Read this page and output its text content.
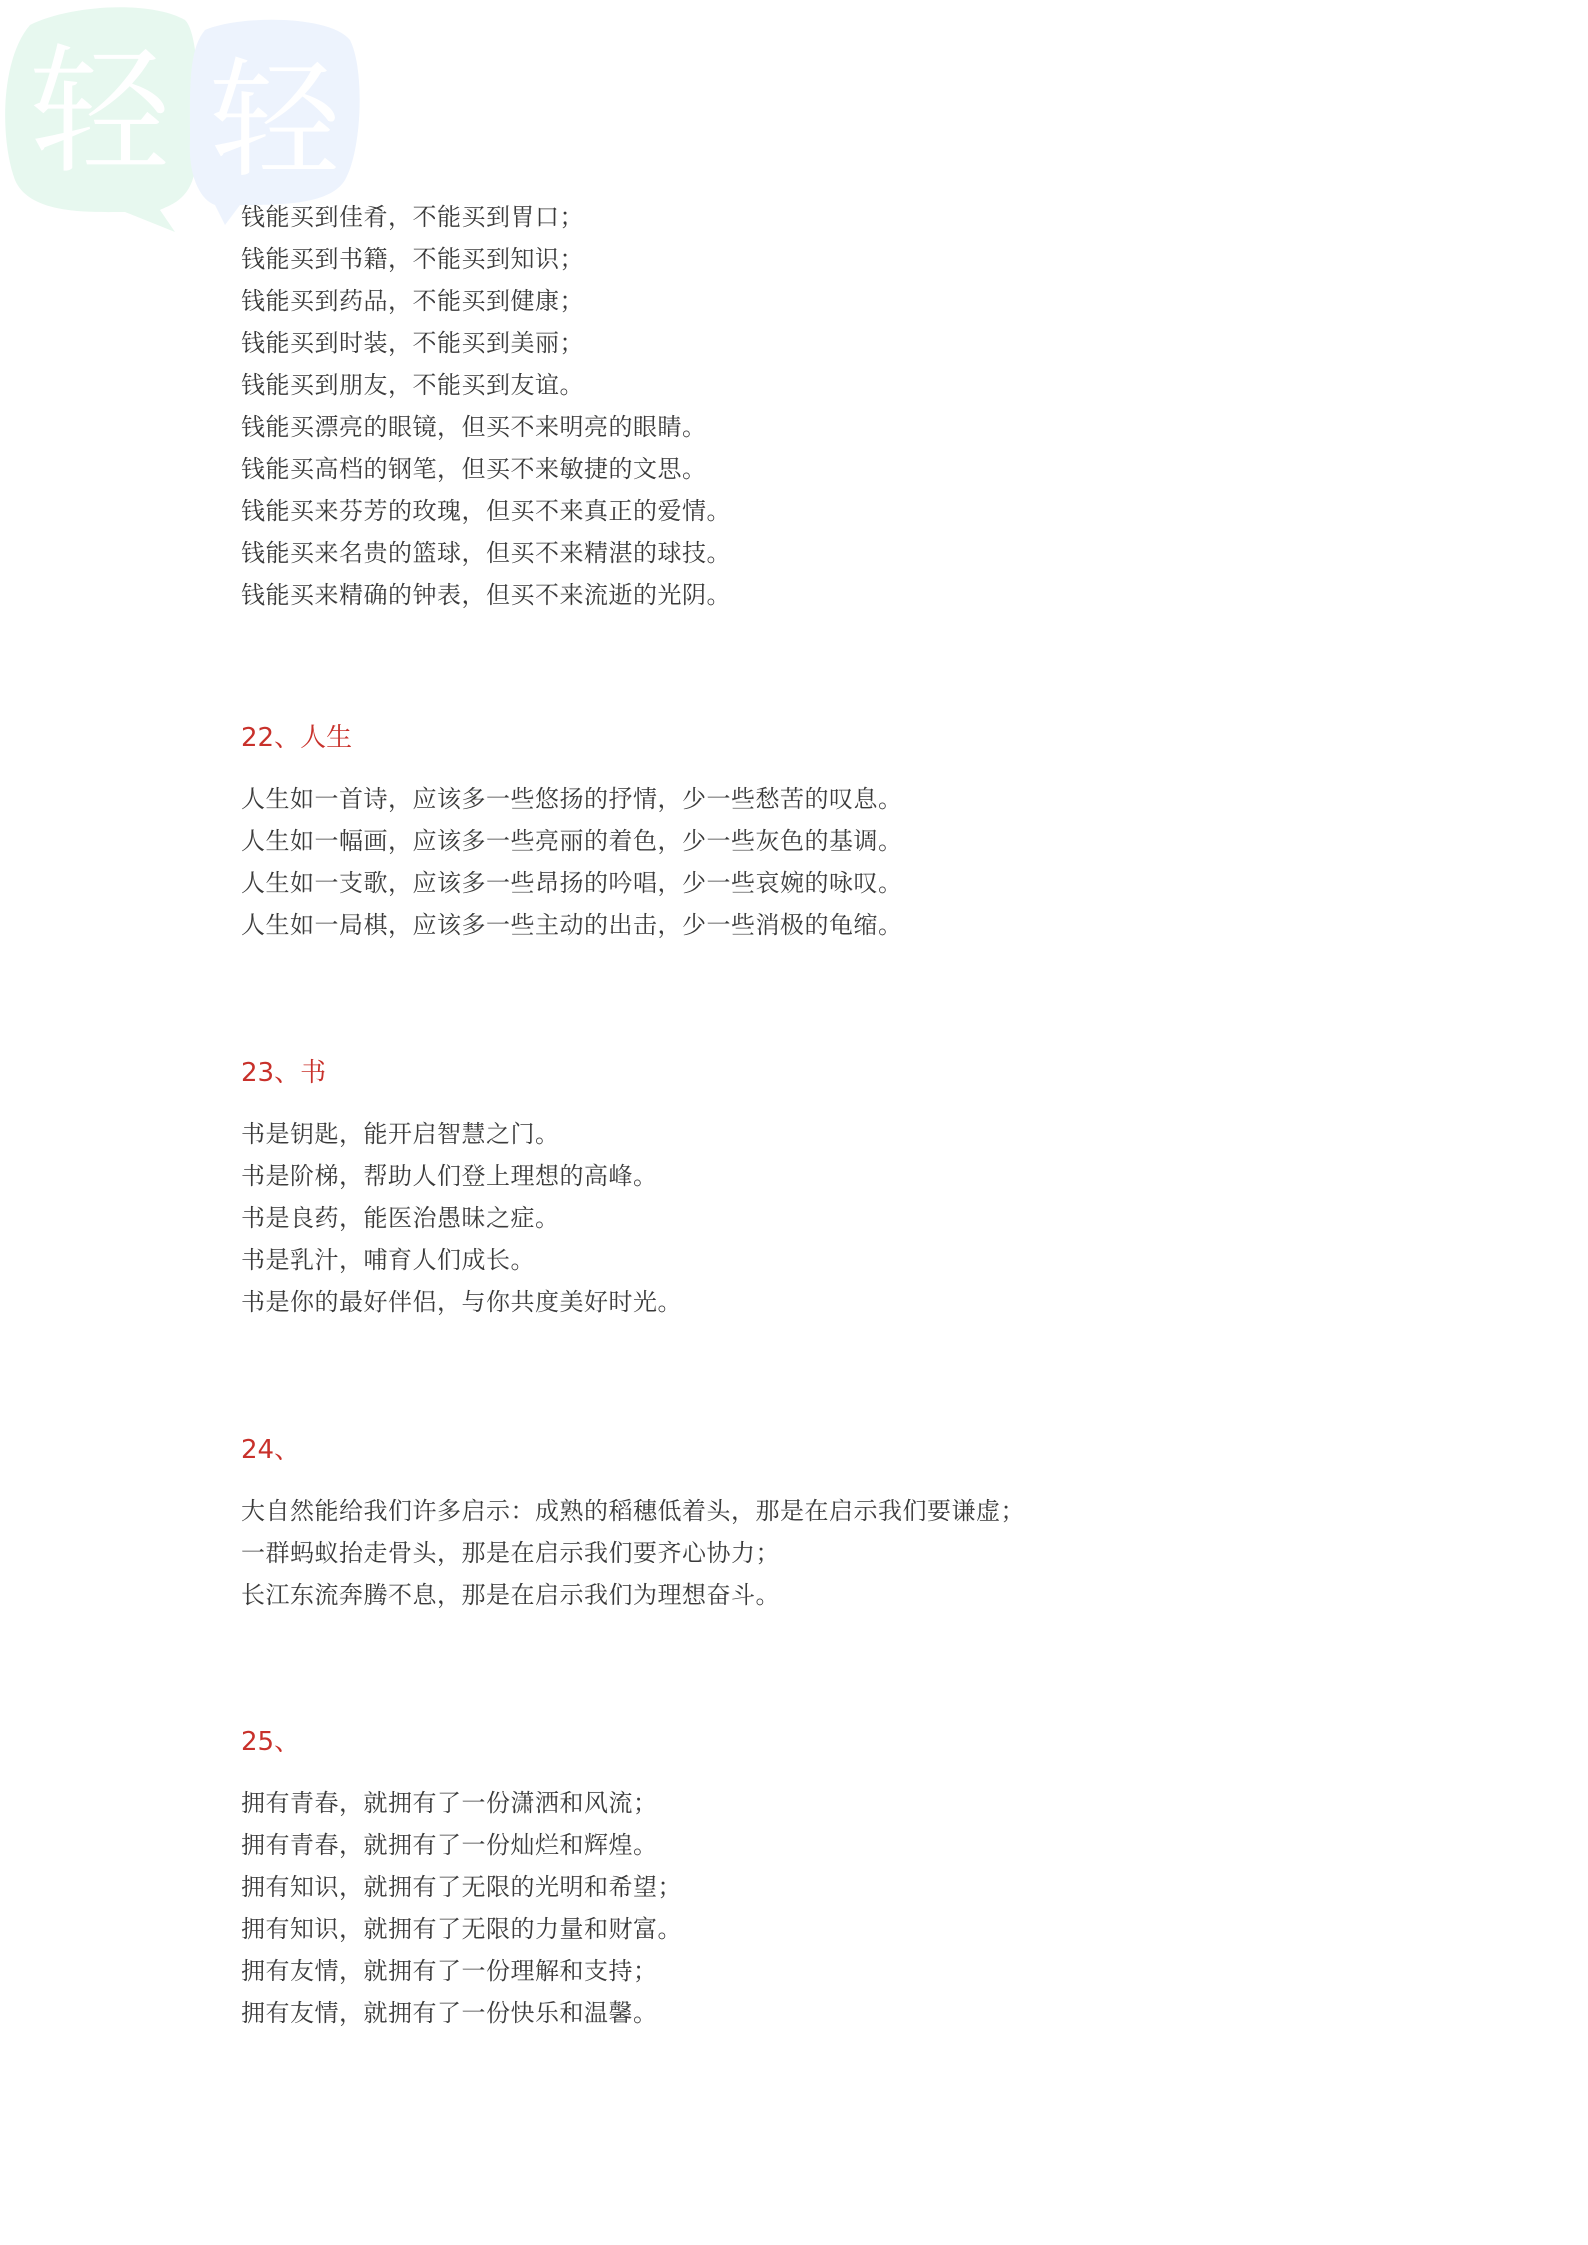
轻 轻
钱能买到佳肴，不能买到胃口；
钱能买到书籍，不能买到知识；
钱能买到药品，不能买到健康；
钱能买到时装，不能买到美丽；
钱能买到朋友，不能买到友谊。
钱能买漂亮的眼镜，但买不来明亮的眼睛。
钱能买高档的钢笔，但买不来敏捷的文思。
钱能买来芬芳的玫瑰，但买不来真正的爱情。
钱能买来名贵的篮球，但买不来精湛的球技。
钱能买来精确的钟表，但买不来流逝的光阴。
22、人生
人生如一首诗，应该多一些悠扬的抒情，少一些愁苦的叹息。
人生如一幅画，应该多一些亮丽的着色，少一些灰色的基调。
人生如一支歌，应该多一些昂扬的吟唱，少一些哀婉的咏叹。
人生如一局棋，应该多一些主动的出击，少一些消极的龟缩。
23、书
书是钥匙，能开启智慧之门。
书是阶梯，帮助人们登上理想的高峰。
书是良药，能医治愚昧之症。
书是乳汁，哺育人们成长。
书是你的最好伴侣，与你共度美好时光。
24、
大自然能给我们许多启示：成熟的稻穗低着头，那是在启示我们要谦虚；
一群蚂蚁抬走骨头，那是在启示我们要齐心协力；
长江东流奔腾不息，那是在启示我们为理想奋斗。
25、
拥有青春，就拥有了一份潇洒和风流；
拥有青春，就拥有了一份灿烂和辉煌。
拥有知识，就拥有了无限的光明和希望；
拥有知识，就拥有了无限的力量和财富。
拥有友情，就拥有了一份理解和支持；
拥有友情，就拥有了一份快乐和温馨。
